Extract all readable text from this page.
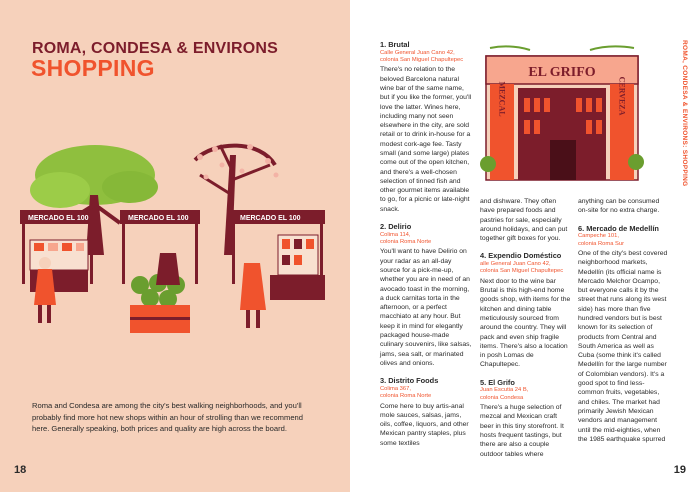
ROMA, CONDESA & ENVIRONS
SHOPPING
MERCADO EL 100	MERCADO EL 100	MERCADO EL 100
Roma and Condesa are among the city's best walking neighborhoods, and you'll probably find more hot new shops within an hour of strolling than we recommend here. Generally speaking, both prices and quality are high across the board.
18
EL GRIFO
MEZCAL	CERVEZA
1. Brutal
Calle General Juan Cano 42,
colonia San Miguel Chapultepec
There's no relation to the beloved Barcelona natural wine bar of the same name, but if you like the former, you'll love the latter. Wines here, including many not seen elsewhere in the city, are sold retail or to drink in-house for a modest cork-age fee. Tasty small (and some large) plates come out of the open kitchen, and there's a well-chosen selection of tinned fish and other gourmet items available to go, for a picnic or late-night snack.
2. Delirio
Colima 114,
colonia Roma Norte
You'll want to have Delirio on your radar as an all-day source for a pick-me-up, whether you are in need of an avocado toast in the morning, a duck carnitas torta in the afternoon, or a perfect macchiato at any hour. But keep it in mind for elegantly packaged house-made culinary souvenirs, like salsas, jams, sea salt, or marinated olives and onions.
3. Distrito Foods
Colima 367,
colonia Roma Norte
Come here to buy artis-anal mole sauces, salsas, jams, oils, coffee, liquors, and other Mexican pantry staples, plus some textiles
and dishware. They often have prepared foods and pastries for sale, especially around holidays, and can put together gift boxes for you.
4. Expendio Doméstico
alle General Juan Cano 42,
colonia San Miguel Chapultepec
Next door to the wine bar Brutal is this high-end home goods shop, with items for the kitchen and dining table meticulously sourced from around the country. They will pack and even ship fragile items. There's also a location in posh Lomas de Chapultepec.
5. El Grifo
Juan Escutia 24 B,
colonia Condesa
There's a huge selection of mezcal and Mexican craft beer in this tiny storefront. It hosts frequent tastings, but there are also a couple outdoor tables where
anything can be consumed on-site for no extra charge.
6. Mercado de Medellín
Campeche 101,
colonia Roma Sur
One of the city's best covered neighborhood markets, Medellín (its official name is Mercado Melchor Ocampo, but everyone calls it by the street that runs along its west side) has more than five hundred vendors but is best known for its selection of products from Central and South America as well as Cuba (some think it's called Medellín for the large number of Colombian vendors). It's a good spot to find less-common fruits, vegetables, and chiles. The market had primarily Jewish Mexican vendors and management until the mid-eighties, when the 1985 earthquake spurred
ROMA, CONDESA & ENVIRONS: SHOPPING
19
